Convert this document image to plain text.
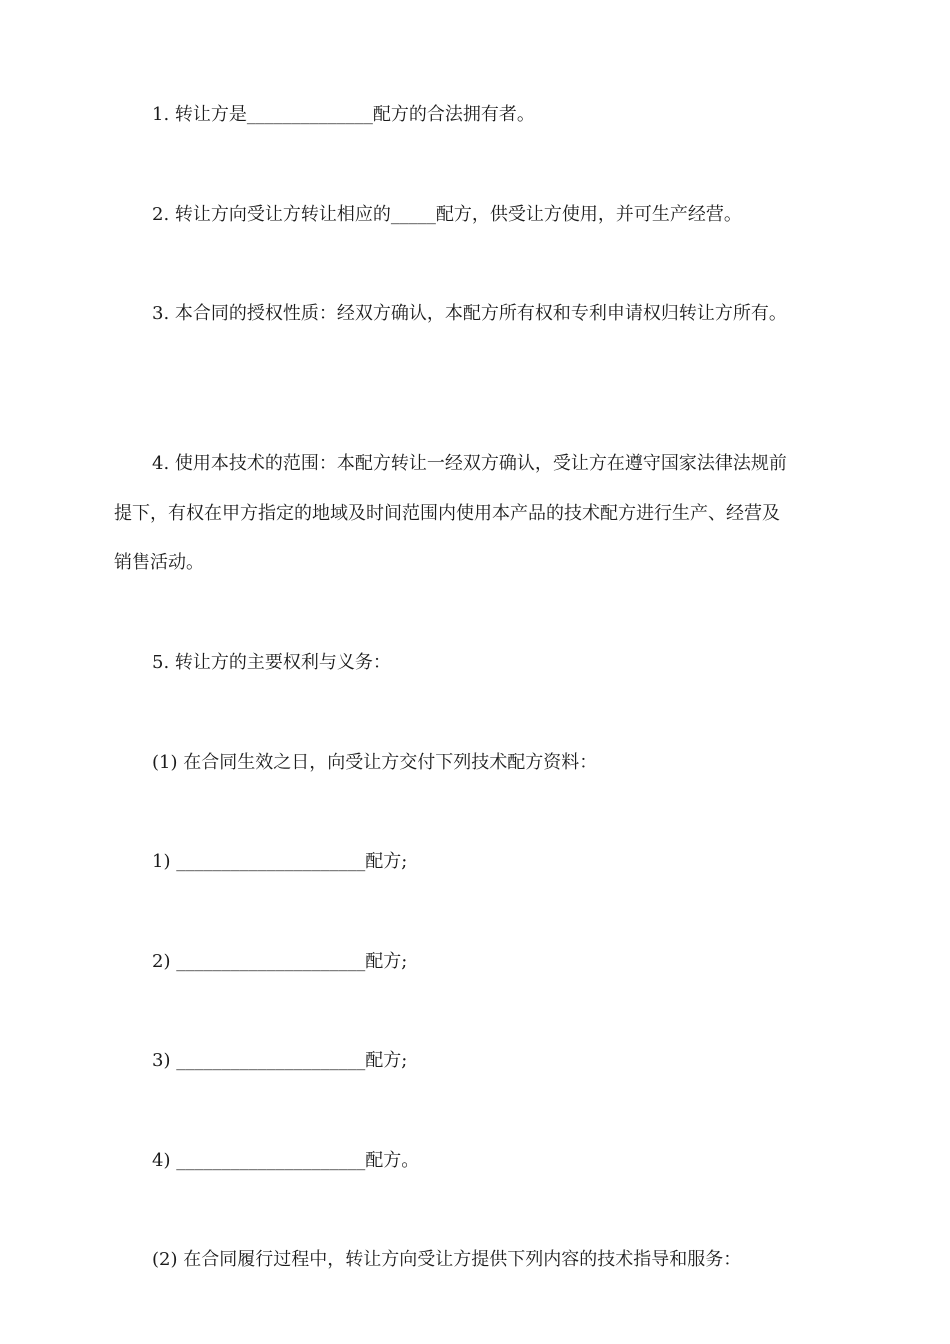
1. 转让方是______________配方的合法拥有者。
2. 转让方向受让方转让相应的_____配方，供受让方使用，并可生产经营。
3. 本合同的授权性质：经双方确认，本配方所有权和专利申请权归转让方所有。
4. 使用本技术的范围：本配方转让一经双方确认，受让方在遵守国家法律法规前
提下，有权在甲方指定的地域及时间范围内使用本产品的技术配方进行生产、经营及
销售活动。
5. 转让方的主要权利与义务：
(1) 在合同生效之日，向受让方交付下列技术配方资料：
1) _____________________配方;
2) _____________________配方;
3) _____________________配方;
4) _____________________配方。
(2) 在合同履行过程中，转让方向受让方提供下列内容的技术指导和服务：
